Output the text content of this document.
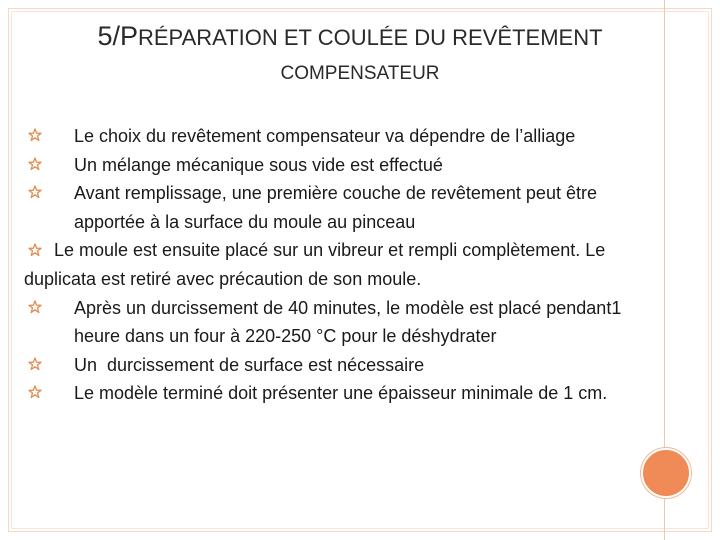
5/PRÉPARATION ET COULÉE DU REVÊTEMENT
COMPENSATEUR
Le choix du revêtement compensateur va dépendre de l’alliage
Un mélange mécanique sous vide est effectué
Avant remplissage, une première couche de revêtement peut être apportée à la surface du moule au pinceau
Le moule est ensuite placé sur un vibreur et rempli complètement. Le duplicata est retiré avec précaution de son moule.
Après un durcissement de 40 minutes, le modèle est placé pendant1 heure dans un four à 220-250 °C pour le déshydrater
Un  durcissement de surface est nécessaire
Le modèle terminé doit présenter une épaisseur minimale de 1 cm.
